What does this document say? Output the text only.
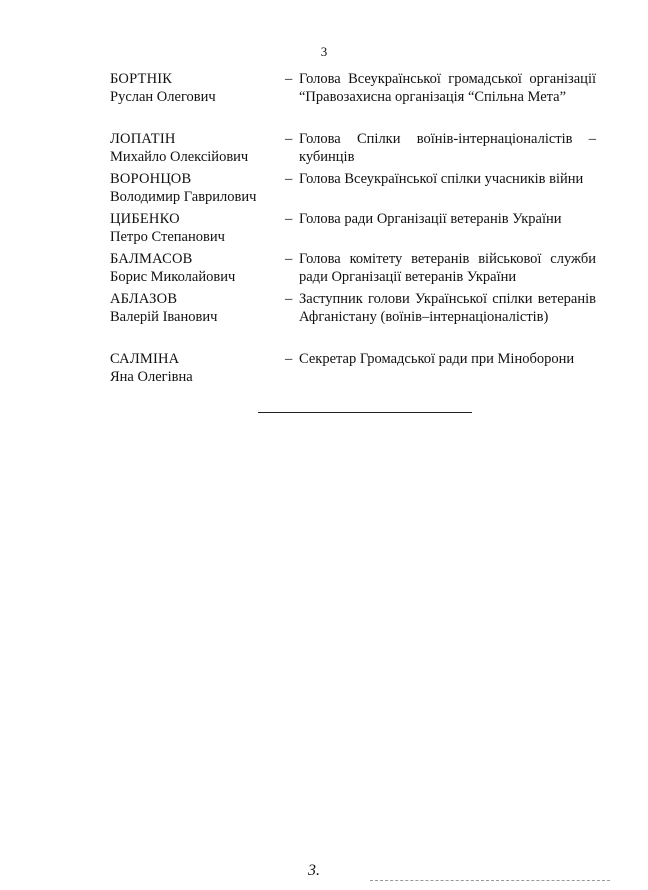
3
БОРТНІК
Руслан Олегович
– Голова Всеукраїнської громадської організації “Правозахисна організація “Спільна Мета”
ЛОПАТІН
Михайло Олексійович
– Голова Спілки воїнів-інтернаціоналістів – кубинців
ВОРОНЦОВ
Володимир Гаврилович
– Голова Всеукраїнської спілки учасників війни
ЦИБЕНКО
Петро Степанович
– Голова ради Організації ветеранів України
БАЛМАСОВ
Борис Миколайович
– Голова комітету ветеранів військової служби ради Організації ветеранів України
АБЛАЗОВ
Валерій Іванович
– Заступник голови Української спілки ветеранів Афганістану (воїнів–інтернаціоналістів)
САЛМІНА
Яна Олегівна
– Секретар Громадської ради при Міноборони
3.
